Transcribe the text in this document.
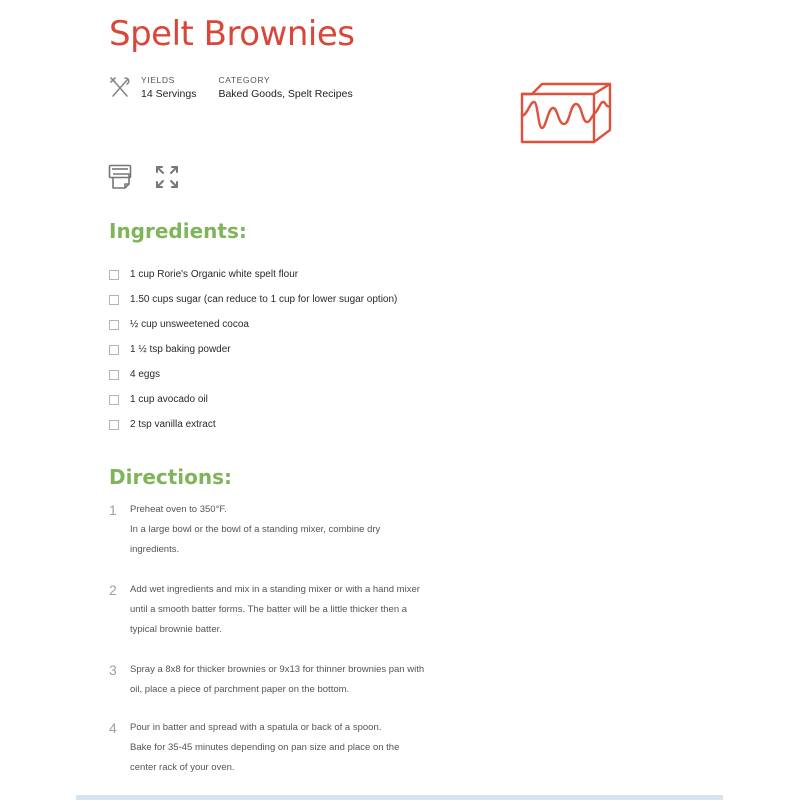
Spelt Brownies
YIELDS
14 Servings
CATEGORY
Baked Goods, Spelt Recipes
Ingredients:
1 cup Rorie's Organic white spelt flour
1.50 cups sugar (can reduce to 1 cup for lower sugar option)
½ cup unsweetened cocoa
1 ½ tsp baking powder
4 eggs
1 cup avocado oil
2 tsp vanilla extract
Directions:
1	Preheat oven to 350°F.
In a large bowl or the bowl of a standing mixer, combine dry
ingredients.
2	Add wet ingredients and mix in a standing mixer or with a hand mixer
until a smooth batter forms. The batter will be a little thicker then a
typical brownie batter.
3	Spray a 8x8 for thicker brownies or 9x13 for thinner brownies pan with
oil, place a piece of parchment paper on the bottom.
4	Pour in batter and spread with a spatula or back of a spoon.
Bake for 35-45 minutes depending on pan size and place on the
center rack of your oven.
